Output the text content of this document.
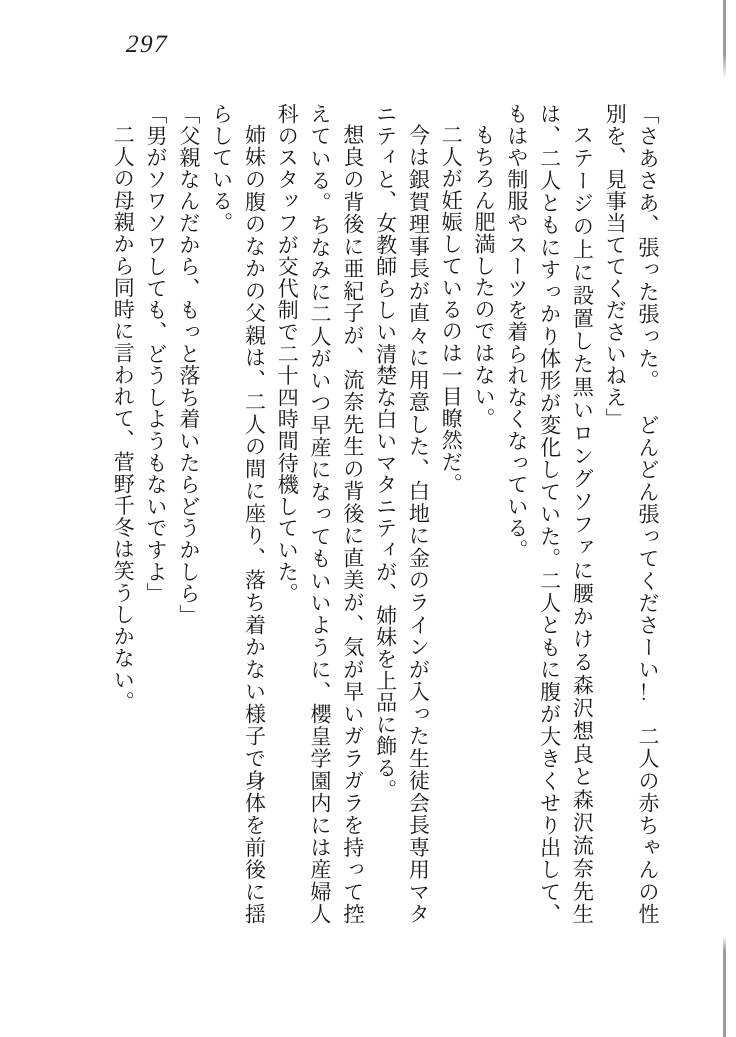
297

「さあさあ、張った張った。　どんどん張ってくださーい！　二人の赤ちゃんの性別を、見事当ててくださいねえ」

ステージの上に設置した黒いロングソファに腰かける森沢想良と森沢流奈先生は、二人ともにすっかり体形が変化していた。二人ともに腹が大きくせり出して、もはや制服やスーツを着られなくなっている。

もちろん肥満したのではない。

二人が妊娠しているのは一目瞭然だ。

今は銀賀理事長が直々に用意した、白地に金のラインが入った生徒会長専用マタニティと、女教師らしい清楚な白いマタニティが、姉妹を上品に飾る。

想良の背後に亜紀子が、流奈先生の背後に直美が、気が早いガラガラを持って控えている。ちなみに二人がいつ早産になってもいいように、櫻皇学園内には産婦人科のスタッフが交代制で二十四時間待機していた。

姉妹の腹のなかの父親は、二人の間に座り、落ち着かない様子で身体を前後に揺らしている。

「父親なんだから、もっと落ち着いたらどうかしら」

「男がソワソワしても、どうしようもないですよ」

二人の母親から同時に言われて、菅野千冬は笑うしかない。
